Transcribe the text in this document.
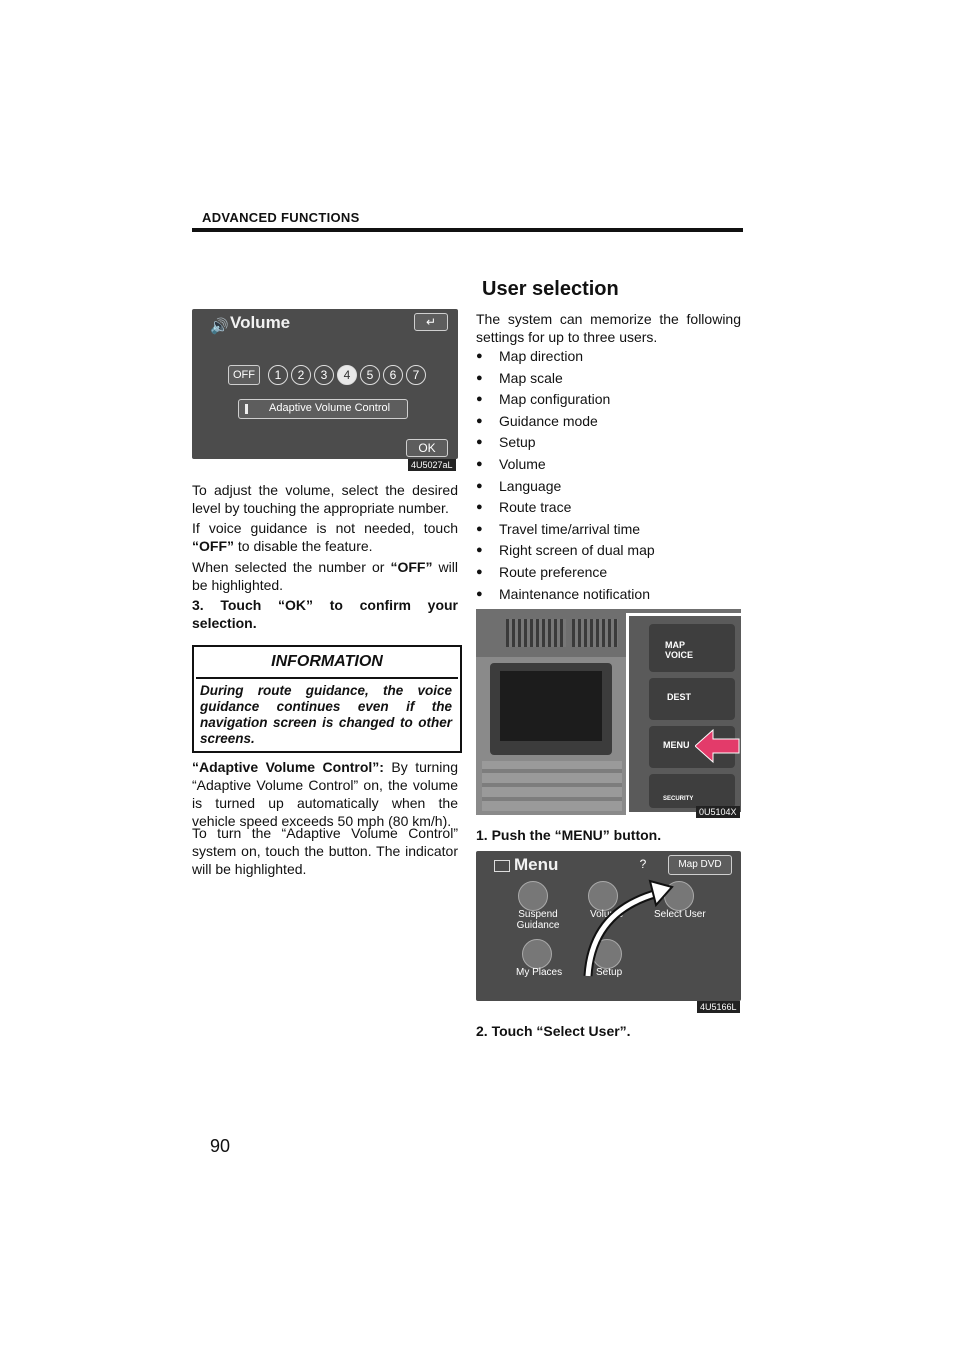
ADVANCED FUNCTIONS
🔊 Volume	↵
OFF	1	2	3	4	5	6	7
Adaptive Volume Control
OK
4U5027aL
To adjust the volume, select the desired level by touching the appropriate number.
If voice guidance is not needed, touch “OFF” to disable the feature.
When selected the number or “OFF” will be highlighted.
3. Touch “OK” to confirm your selection.
INFORMATION
During route guidance, the voice guidance continues even if the navigation screen is changed to other screens.
“Adaptive Volume Control”: By turning “Adaptive Volume Control” on, the volume is turned up automatically when the vehicle speed exceeds 50 mph (80 km/h).
To turn the “Adaptive Volume Control” system on, touch the button. The indicator will be highlighted.
User selection
The system can memorize the following settings for up to three users.
● Map direction
● Map scale
● Map configuration
● Guidance mode
● Setup
● Volume
● Language
● Route trace
● Travel time/arrival time
● Right screen of dual map
● Route preference
● Maintenance notification
MAP VOICE
DEST
MENU
SECURITY
0U5104X
1. Push the “MENU” button.
Menu	?	Map DVD
Suspend Guidance
Volume	Select User
My Places	Setup
4U5166L
2. Touch “Select User”.
90
